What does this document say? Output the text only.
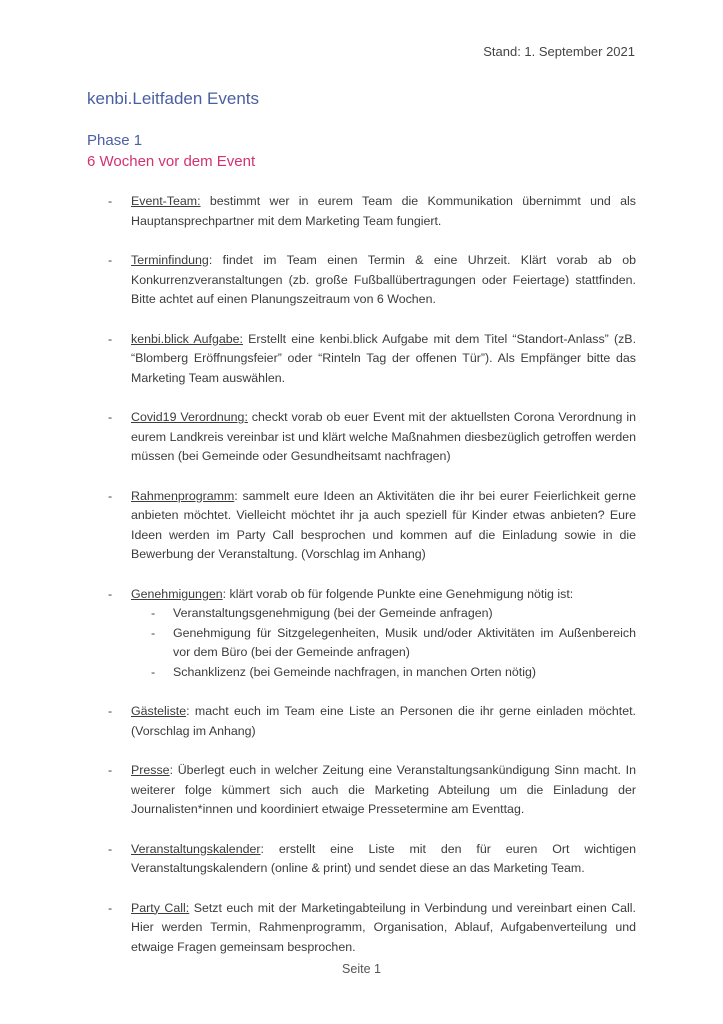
Stand: 1. September 2021
kenbi.Leitfaden Events
Phase 1
6 Wochen vor dem Event
- Event-Team: bestimmt wer in eurem Team die Kommunikation übernimmt und als Hauptansprechpartner mit dem Marketing Team fungiert.
- Terminfindung: findet im Team einen Termin & eine Uhrzeit. Klärt vorab ab ob Konkurrenzveranstaltungen (zb. große Fußballübertragungen oder Feiertage) stattfinden. Bitte achtet auf einen Planungszeitraum von 6 Wochen.
- kenbi.blick Aufgabe: Erstellt eine kenbi.blick Aufgabe mit dem Titel “Standort-Anlass” (zB. “Blomberg Eröffnungsfeier” oder “Rinteln Tag der offenen Tür”). Als Empfänger bitte das Marketing Team auswählen.
- Covid19 Verordnung: checkt vorab ob euer Event mit der aktuellsten Corona Verordnung in eurem Landkreis vereinbar ist und klärt welche Maßnahmen diesbezüglich getroffen werden müssen (bei Gemeinde oder Gesundheitsamt nachfragen)
- Rahmenprogramm: sammelt eure Ideen an Aktivitäten die ihr bei eurer Feierlichkeit gerne anbieten möchtet. Vielleicht möchtet ihr ja auch speziell für Kinder etwas anbieten? Eure Ideen werden im Party Call besprochen und kommen auf die Einladung sowie in die Bewerbung der Veranstaltung. (Vorschlag im Anhang)
- Genehmigungen: klärt vorab ob für folgende Punkte eine Genehmigung nötig ist:
- Veranstaltungsgenehmigung (bei der Gemeinde anfragen)
- Genehmigung für Sitzgelegenheiten, Musik und/oder Aktivitäten im Außenbereich vor dem Büro (bei der Gemeinde anfragen)
- Schanklizenz (bei Gemeinde nachfragen, in manchen Orten nötig)
- Gästeliste: macht euch im Team eine Liste an Personen die ihr gerne einladen möchtet. (Vorschlag im Anhang)
- Presse: Überlegt euch in welcher Zeitung eine Veranstaltungsankündigung Sinn macht. In weiterer folge kümmert sich auch die Marketing Abteilung um die Einladung der Journalisten*innen und koordiniert etwaige Pressetermine am Eventtag.
- Veranstaltungskalender: erstellt eine Liste mit den für euren Ort wichtigen Veranstaltungskalendern (online & print) und sendet diese an das Marketing Team.
- Party Call: Setzt euch mit der Marketingabteilung in Verbindung und vereinbart einen Call. Hier werden Termin, Rahmenprogramm, Organisation, Ablauf, Aufgabenverteilung und etwaige Fragen gemeinsam besprochen.
Seite 1
